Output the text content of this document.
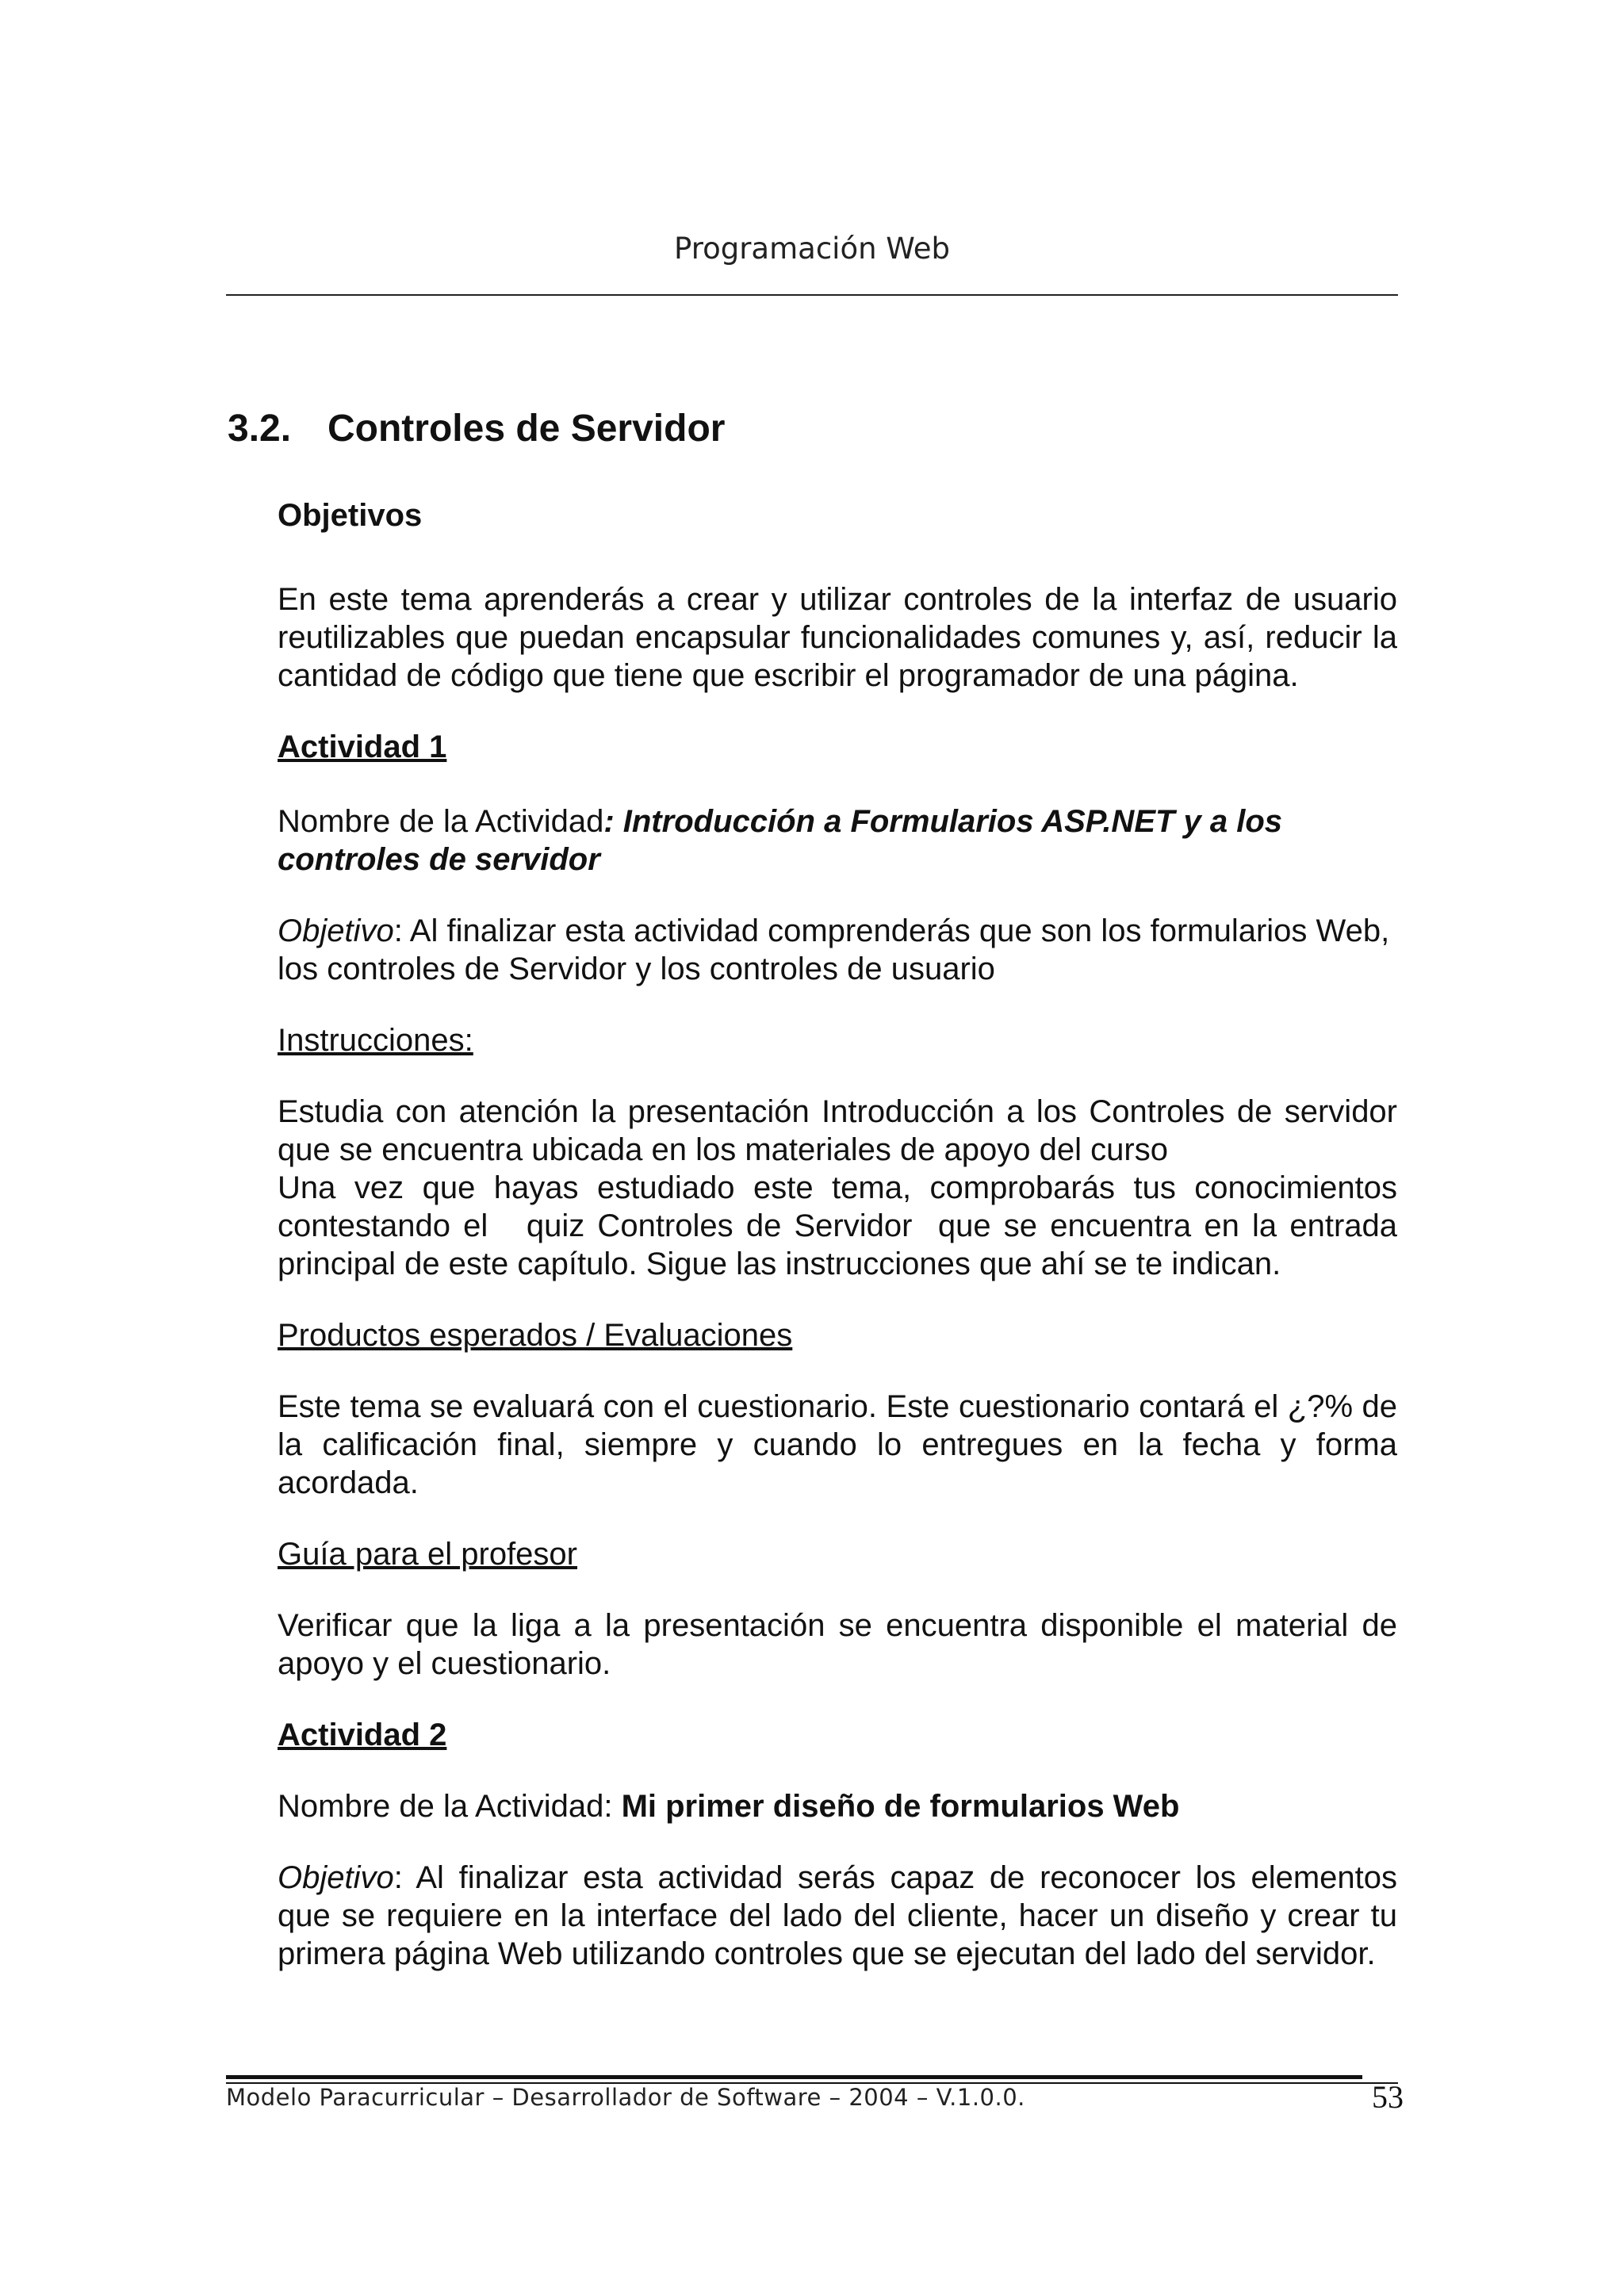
Programación Web
3.2. Controles de Servidor

Objetivos

En este tema aprenderás a crear y utilizar controles de la interfaz de usuario reutilizables que puedan encapsular funcionalidades comunes y, así, reducir la cantidad de código que tiene que escribir el programador de una página.

Actividad 1

Nombre de la Actividad: Introducción a Formularios ASP.NET y a los controles de servidor

Objetivo: Al finalizar esta actividad comprenderás que son los formularios Web, los controles de Servidor y los controles de usuario

Instrucciones:

Estudia con atención la presentación Introducción a los Controles de servidor que se encuentra ubicada en los materiales de apoyo del curso

Una vez que hayas estudiado este tema, comprobarás tus conocimientos contestando el   quiz Controles de Servidor  que se encuentra en la entrada principal de este capítulo. Sigue las instrucciones que ahí se te indican.

Productos esperados / Evaluaciones

Este tema se evaluará con el cuestionario. Este cuestionario contará el ¿?% de la calificación final, siempre y cuando lo entregues en la fecha y forma acordada.

Guía para el profesor

Verificar que la liga a la presentación se encuentra disponible el material de apoyo y el cuestionario.

Actividad 2

Nombre de la Actividad: Mi primer diseño de formularios Web

Objetivo: Al finalizar esta actividad serás capaz de reconocer los elementos que se requiere en la interface del lado del cliente, hacer un diseño y crear tu primera página Web utilizando controles que se ejecutan del lado del servidor.

Modelo Paracurricular – Desarrollador de Software – 2004 – V.1.0.0.	53
